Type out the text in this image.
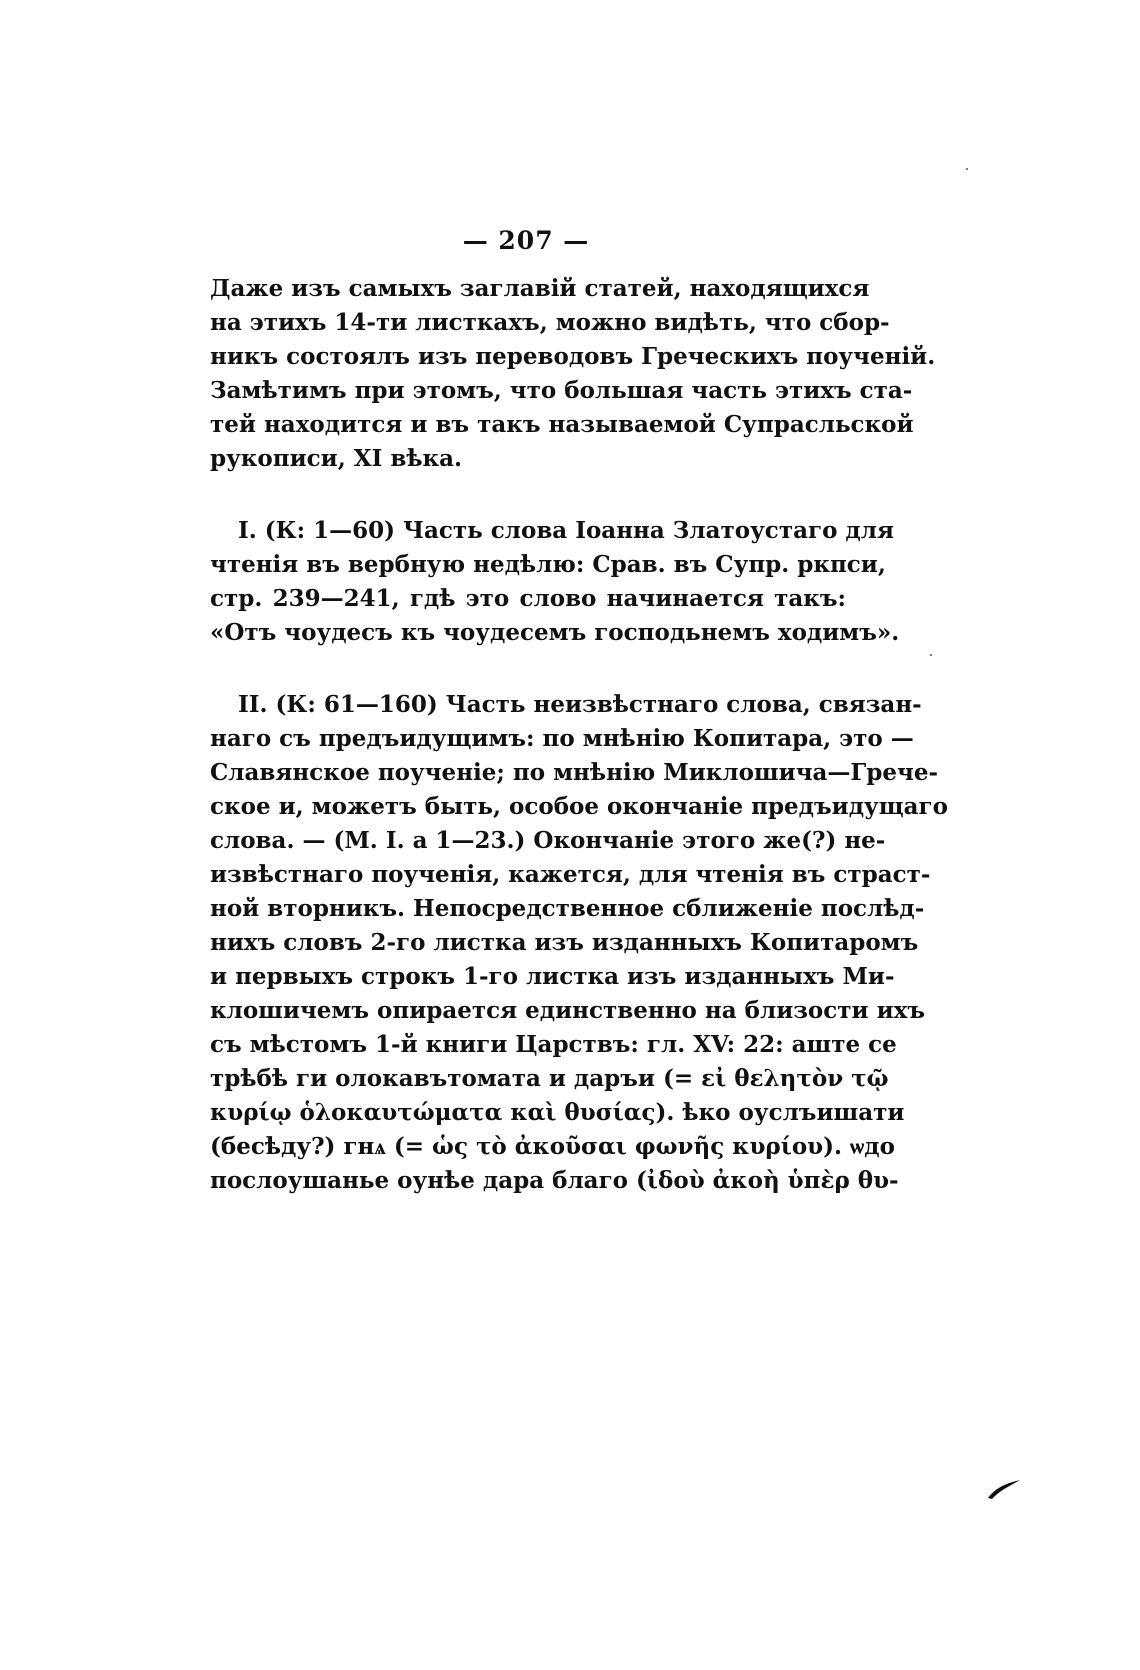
— 207 —
Даже изъ самыхъ заглавій статей, находящихся
на этихъ 14-ти листкахъ, можно видѣть, что сбор-
никъ состоялъ изъ переводовъ Греческихъ поученій.
Замѣтимъ при этомъ, что большая часть этихъ ста-
тей находится и въ такъ называемой Супрасльской
рукописи, XI вѣка.
I. (К: 1—60) Часть слова Іоанна Златоустаго для
чтенія въ вербную недѣлю: Срав. въ Супр. ркпси,
стр. 239—241, гдѣ это слово начинается такъ:
«Отъ чоудесъ къ чоудесемъ господьнемъ ходимъ».
II. (К: 61—160) Часть неизвѣстнаго слова, связан-
наго съ предъидущимъ: по мнѣнію Копитара, это —
Славянское поученіе; по мнѣнію Миклошича—Грече-
ское и, можетъ быть, особое окончаніе предъидущаго
слова. — (М. I. а 1—23.) Окончаніе этого же(?) не-
извѣстнаго поученія, кажется, для чтенія въ страст-
ной вторникъ. Непосредственное сближеніе послѣд-
нихъ словъ 2-го листка изъ изданныхъ Копитаромъ
и первыхъ строкъ 1-го листка изъ изданныхъ Ми-
клошичемъ опирается единственно на близости ихъ
съ мѣстомъ 1-й книги Царствъ: гл. XV: 22: аште се
трѣбѣ ги олокавътомата и даръи (= εἰ θελητὸν τῷ
κυρίῳ ὁλοκαυτώματα καὶ θυσίας). ѣко оуслъишати
(бесѣду?) гнѧ (= ὡς τὸ ἀκοῦσαι φωνῆς κυρίου). ѡдо
послоушанье оунѣе дара благо (ἰδοὺ ἀκοὴ ὑπὲρ θυ-
